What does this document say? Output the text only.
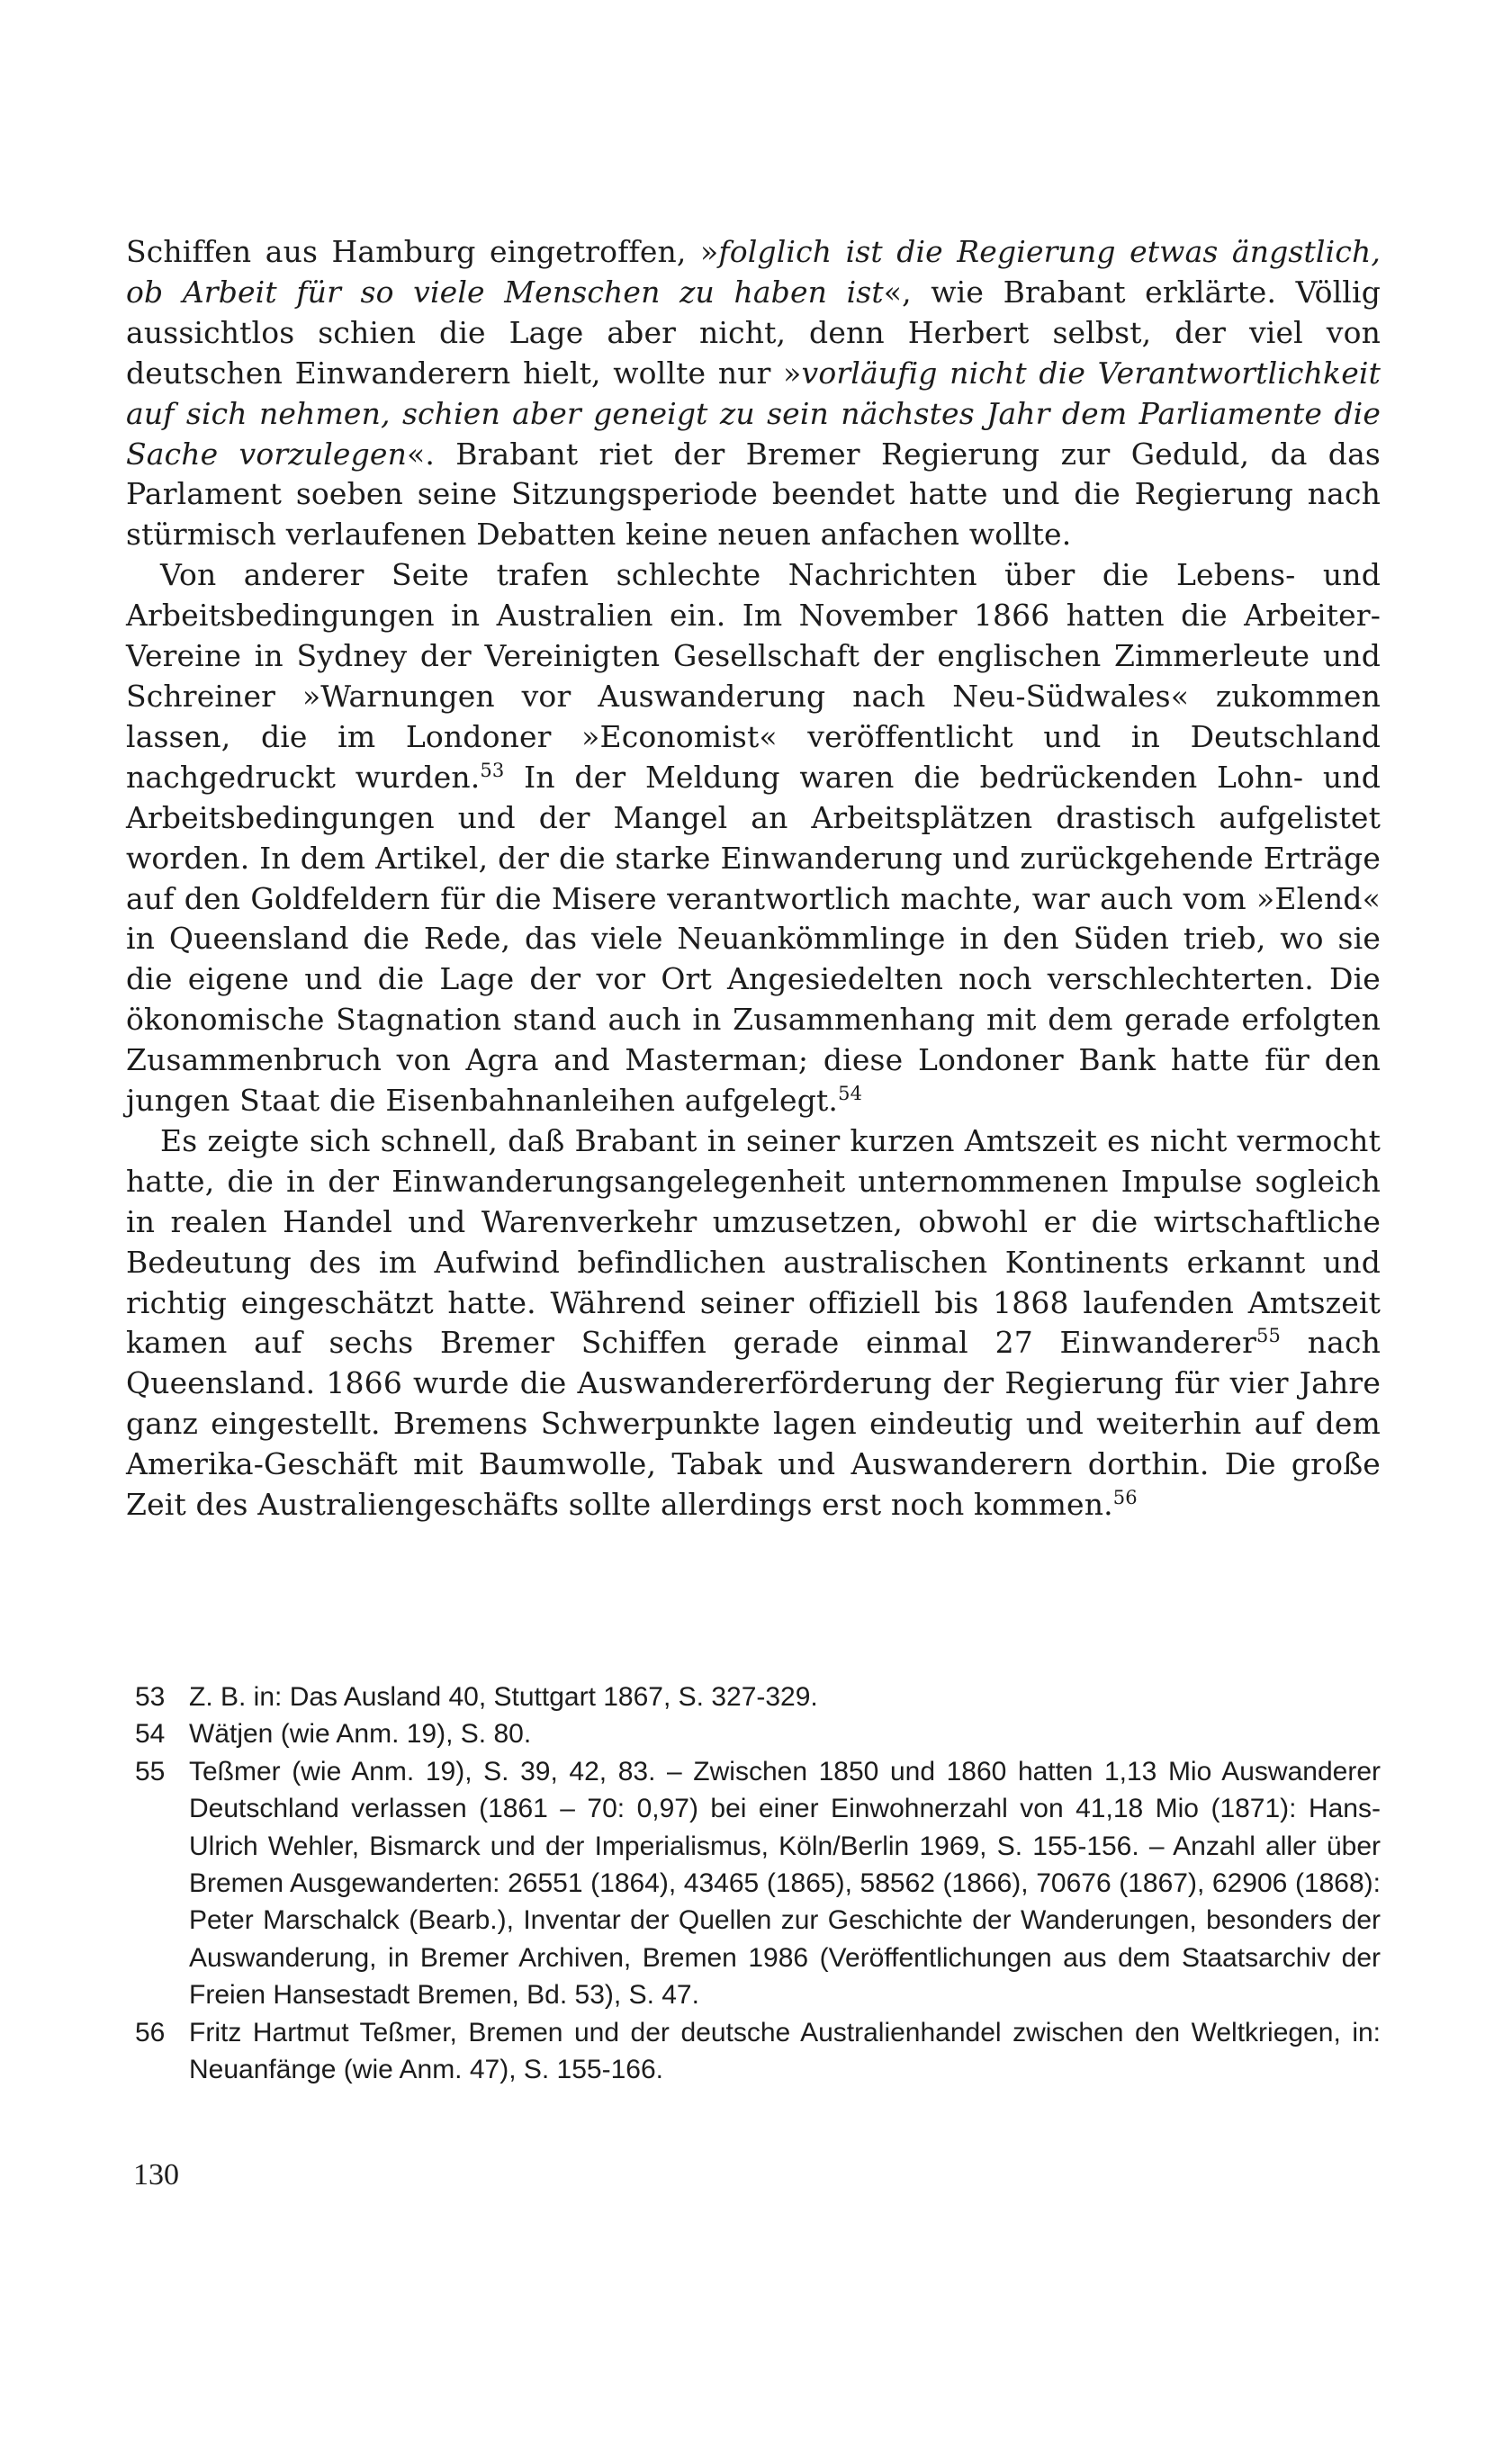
Schiffen aus Hamburg eingetroffen, »folglich ist die Regierung etwas ängstlich, ob Arbeit für so viele Menschen zu haben ist«, wie Brabant erklärte. Völlig aussichtlos schien die Lage aber nicht, denn Herbert selbst, der viel von deutschen Einwanderern hielt, wollte nur »vorläufig nicht die Verantwortlichkeit auf sich nehmen, schien aber geneigt zu sein nächstes Jahr dem Parliamente die Sache vorzulegen«. Brabant riet der Bremer Regierung zur Geduld, da das Parlament soeben seine Sitzungsperiode beendet hatte und die Regierung nach stürmisch verlaufenen Debatten keine neuen anfachen wollte.

Von anderer Seite trafen schlechte Nachrichten über die Lebens- und Arbeitsbedingungen in Australien ein. Im November 1866 hatten die Arbeiter-Vereine in Sydney der Vereinigten Gesellschaft der englischen Zimmerleute und Schreiner »Warnungen vor Auswanderung nach Neu-Südwales« zukommen lassen, die im Londoner »Economist« veröffentlicht und in Deutschland nachgedruckt wurden.$^{53}$ In der Meldung waren die bedrückenden Lohn- und Arbeitsbedingungen und der Mangel an Arbeitsplätzen drastisch aufgelistet worden. In dem Artikel, der die starke Einwanderung und zurückgehende Erträge auf den Goldfeldern für die Misere verantwortlich machte, war auch vom »Elend« in Queensland die Rede, das viele Neuankömmlinge in den Süden trieb, wo sie die eigene und die Lage der vor Ort Angesiedelten noch verschlechterten. Die ökonomische Stagnation stand auch in Zusammenhang mit dem gerade erfolgten Zusammenbruch von Agra and Masterman; diese Londoner Bank hatte für den jungen Staat die Eisenbahnanleihen aufgelegt.$^{54}$

Es zeigte sich schnell, daß Brabant in seiner kurzen Amtszeit es nicht vermocht hatte, die in der Einwanderungsangelegenheit unternommenen Impulse sogleich in realen Handel und Warenverkehr umzusetzen, obwohl er die wirtschaftliche Bedeutung des im Aufwind befindlichen australischen Kontinents erkannt und richtig eingeschätzt hatte. Während seiner offiziell bis 1868 laufenden Amtszeit kamen auf sechs Bremer Schiffen gerade einmal 27 Einwanderer$^{55}$ nach Queensland. 1866 wurde die Auswandererförderung der Regierung für vier Jahre ganz eingestellt. Bremens Schwerpunkte lagen eindeutig und weiterhin auf dem Amerika-Geschäft mit Baumwolle, Tabak und Auswanderern dorthin. Die große Zeit des Australiengeschäfts sollte allerdings erst noch kommen.$^{56}$

53 Z. B. in: Das Ausland 40, Stuttgart 1867, S. 327-329.
54 Wätjen (wie Anm. 19), S. 80.
55 Teßmer (wie Anm. 19), S. 39, 42, 83. – Zwischen 1850 und 1860 hatten 1,13 Mio Auswanderer Deutschland verlassen (1861 – 70: 0,97) bei einer Einwohnerzahl von 41,18 Mio (1871): Hans-Ulrich Wehler, Bismarck und der Imperialismus, Köln/Berlin 1969, S. 155-156. – Anzahl aller über Bremen Ausgewanderten: 26551 (1864), 43465 (1865), 58562 (1866), 70676 (1867), 62906 (1868): Peter Marschalck (Bearb.), Inventar der Quellen zur Geschichte der Wanderungen, besonders der Auswanderung, in Bremer Archiven, Bremen 1986 (Veröffentlichungen aus dem Staatsarchiv der Freien Hansestadt Bremen, Bd. 53), S. 47.
56 Fritz Hartmut Teßmer, Bremen und der deutsche Australienhandel zwischen den Weltkriegen, in: Neuanfänge (wie Anm. 47), S. 155-166.
130
